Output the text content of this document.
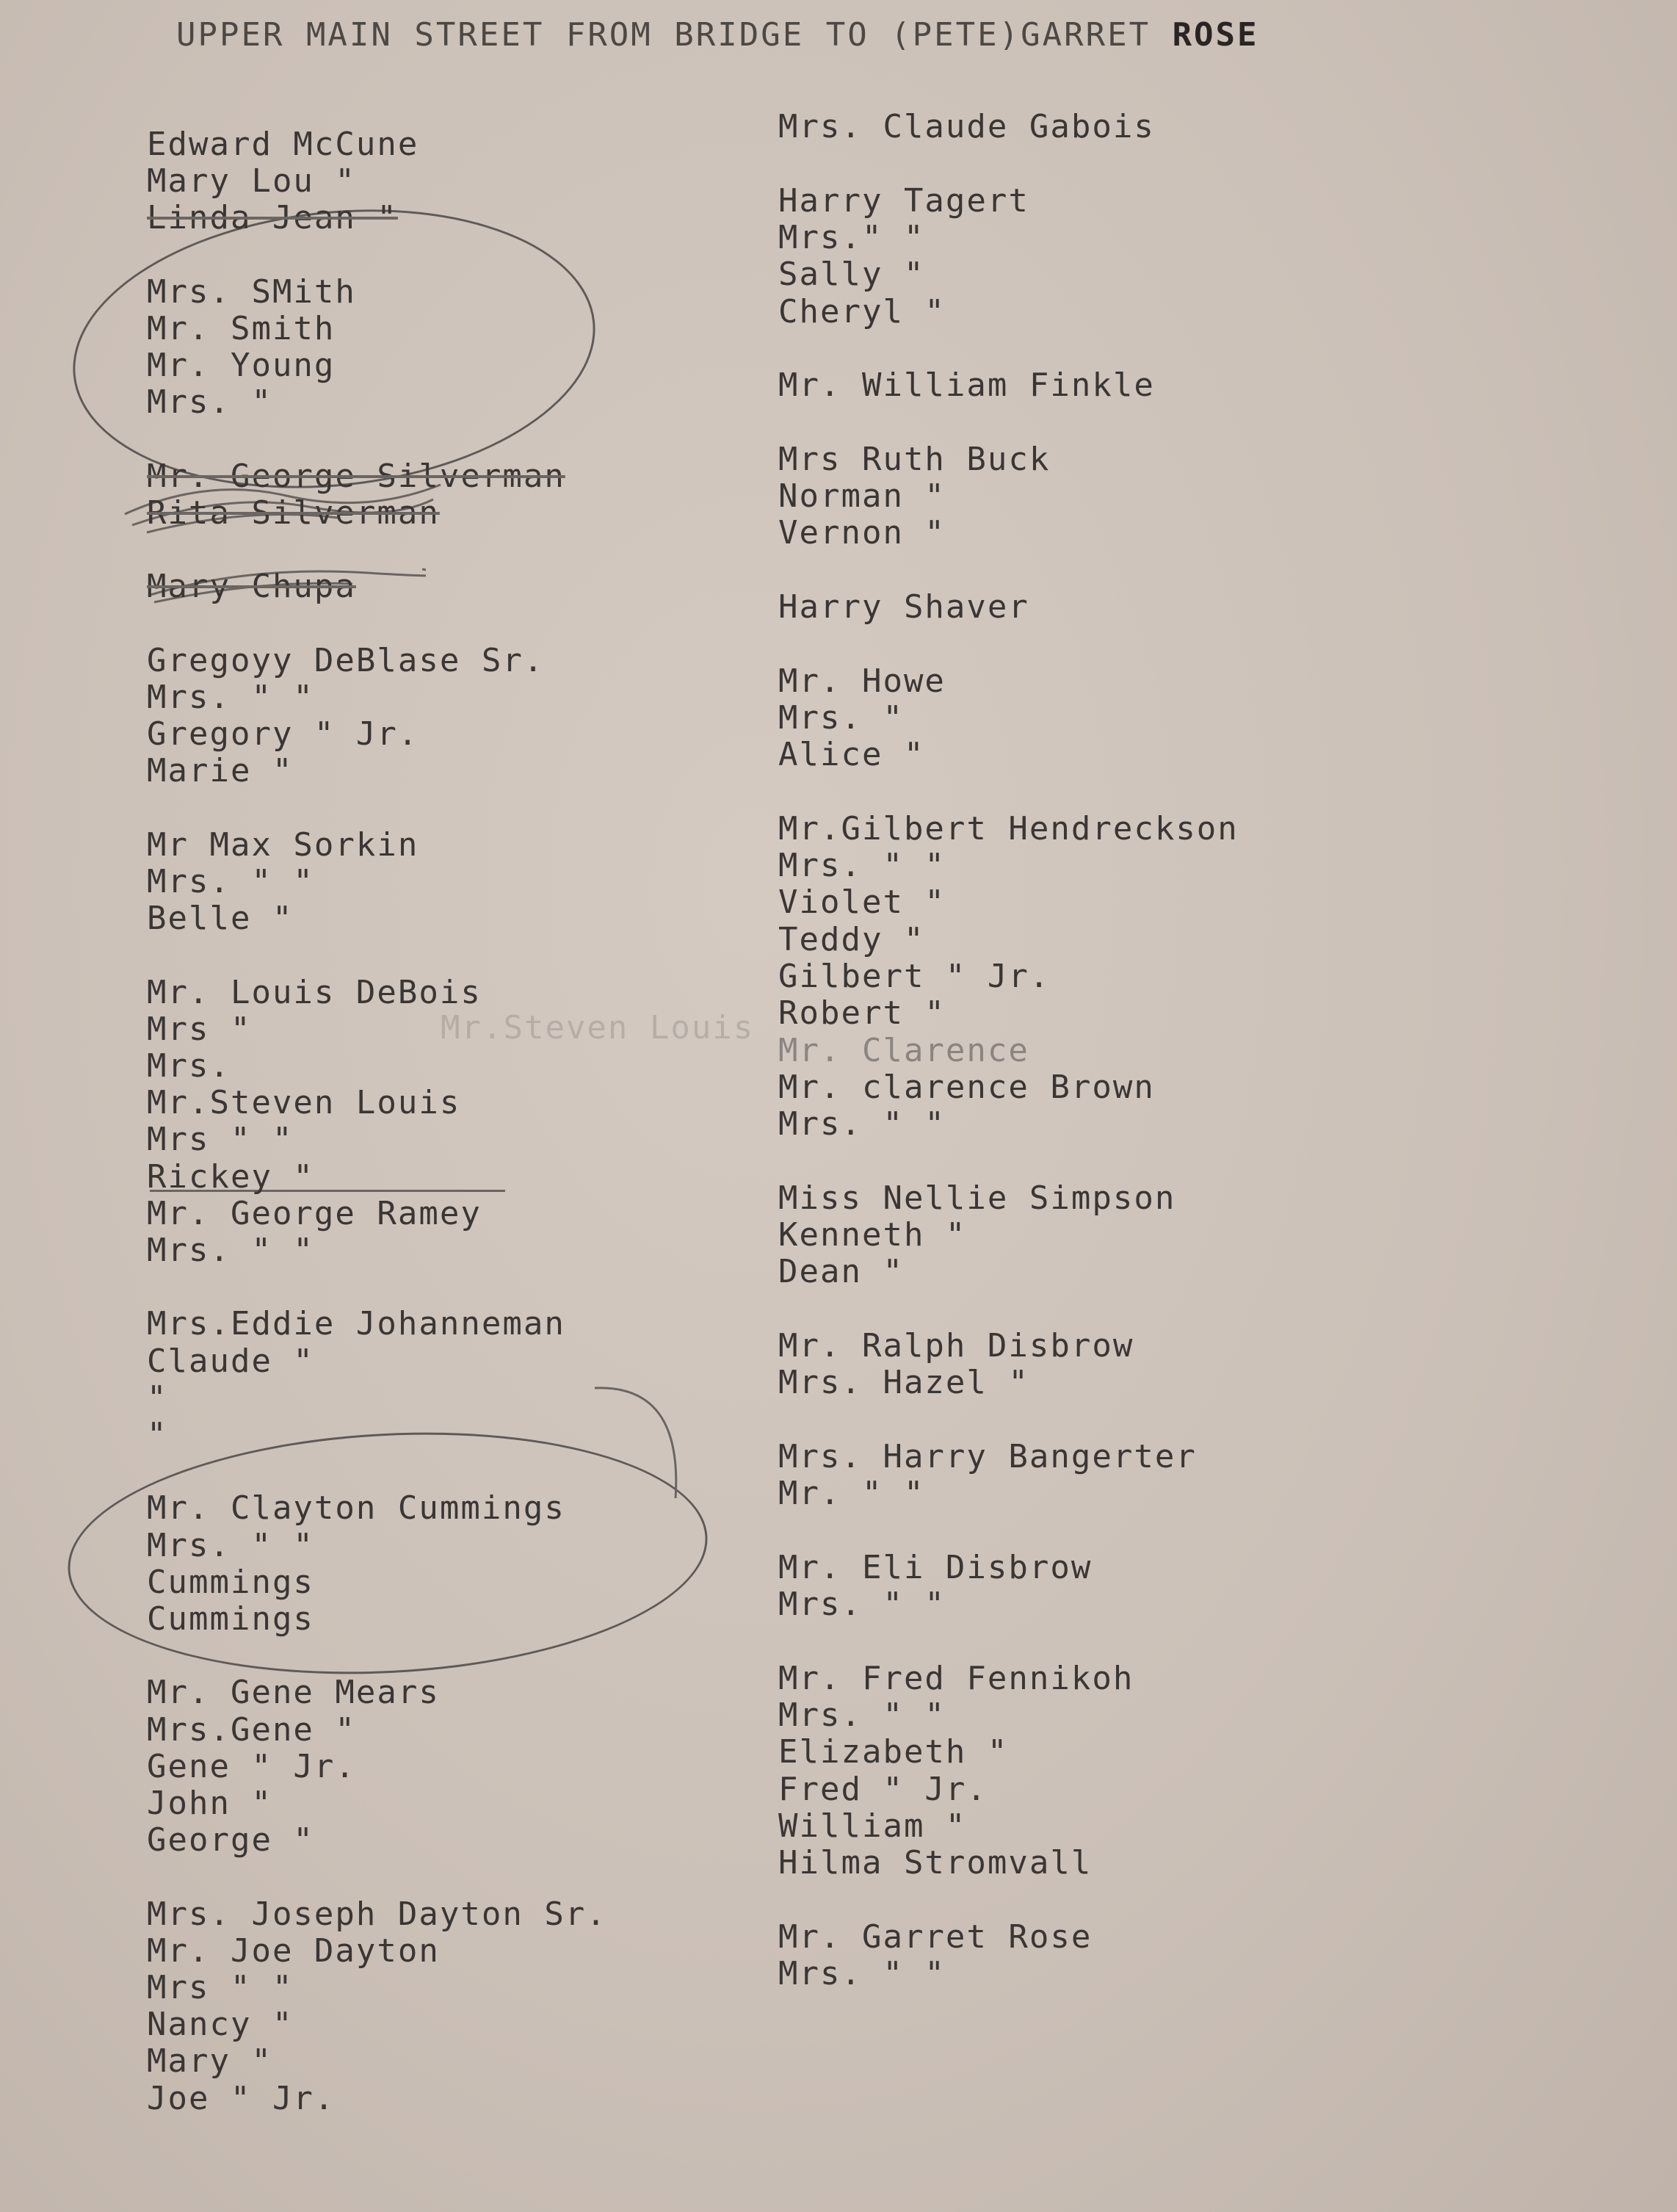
UPPER MAIN STREET FROM BRIDGE TO (PETE)GARRET ROSE
Mr.Steven Louis
Edward McCune
Mary Lou "
Linda Jean "
Mrs. SMith
Mr. Smith
Mr. Young
Mrs. "
Mr. George Silverman
Rita Silverman
Mary Chupa
Gregoyy DeBlase Sr.
Mrs. " "
Gregory " Jr.
Marie "
Mr Max Sorkin
Mrs. " "
Belle "
Mr. Louis DeBois
Mrs "
Mrs.
Mr.Steven Louis
Mrs " "
Rickey "
Mr. George Ramey
Mrs. " "
Mrs.Eddie Johanneman
Claude "
"
"
Mr. Clayton Cummings
Mrs. " "
Cummings
Cummings
Mr. Gene Mears
Mrs.Gene "
Gene " Jr.
John "
George "
Mrs. Joseph Dayton Sr.
Mr. Joe Dayton
Mrs " "
Nancy "
Mary "
Joe " Jr.
Mrs. Claude Gabois
Harry Tagert
Mrs." "
Sally "
Cheryl "
Mr. William Finkle
Mrs Ruth Buck
Norman "
Vernon "
Harry Shaver
Mr. Howe
Mrs. "
Alice "
Mr.Gilbert Hendreckson
Mrs. " "
Violet "
Teddy "
Gilbert " Jr.
Robert "
Mr. Clarence
Mr. clarence Brown
Mrs. " "
Miss Nellie Simpson
Kenneth "
Dean "
Mr. Ralph Disbrow
Mrs. Hazel "
Mrs. Harry Bangerter
Mr. " "
Mr. Eli Disbrow
Mrs. " "
Mr. Fred Fennikoh
Mrs. " "
Elizabeth "
Fred " Jr.
William "
Hilma Stromvall
Mr. Garret Rose
Mrs. " "
